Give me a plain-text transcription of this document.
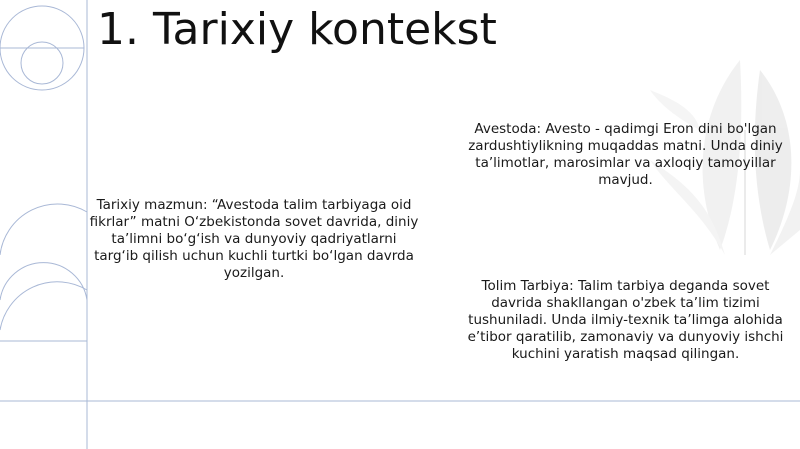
1. Tarixiy kontekst
Tarixiy mazmun: “Avestoda talim tarbiyaga oid fikrlar” matni O‘zbekistonda sovet davrida, diniy ta’limni bo‘g‘ish va dunyoviy qadriyatlarni targ‘ib qilish uchun kuchli turtki bo‘lgan davrda yozilgan.
Avestoda: Avesto - qadimgi Eron dini bo'lgan zardushtiylikning muqaddas matni. Unda diniy ta’limotlar, marosimlar va axloqiy tamoyillar mavjud.
Tolim Tarbiya: Talim tarbiya deganda sovet davrida shakllangan o'zbek ta’lim tizimi tushuniladi. Unda ilmiy-texnik ta’limga alohida e’tibor qaratilib, zamonaviy va dunyoviy ishchi kuchini yaratish maqsad qilingan.
